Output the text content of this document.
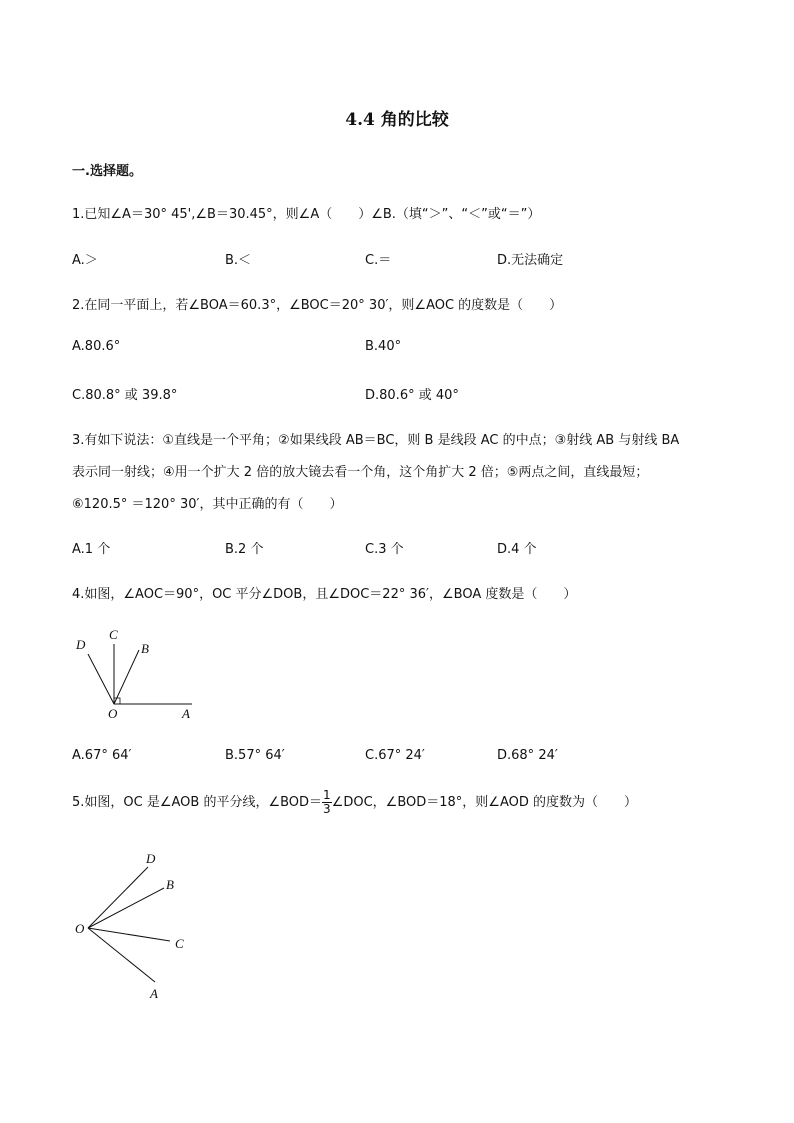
4.4 角的比较
一.选择题。
1.已知∠A＝30° 45',∠B＝30.45°，则∠A（　　）∠B.（填“＞”、“＜”或“＝”）
A.＞	B.＜	C.＝	D.无法确定
2.在同一平面上，若∠BOA＝60.3°，∠BOC＝20° 30′，则∠AOC 的度数是（　　）
A.80.6°	B.40°
C.80.8° 或 39.8°	D.80.6° 或 40°
3.有如下说法：①直线是一个平角；②如果线段 AB＝BC，则 B 是线段 AC 的中点；③射线 AB 与射线 BA
表示同一射线；④用一个扩大 2 倍的放大镜去看一个角，这个角扩大 2 倍；⑤两点之间，直线最短；
⑥120.5° ＝120° 30′，其中正确的有（　　）
A.1 个	B.2 个	C.3 个	D.4 个
4.如图，∠AOC＝90°，OC 平分∠DOB，且∠DOC＝22° 36′，∠BOA 度数是（　　）
D
C
B
O	A
A.67° 64′	B.57° 64′	C.67° 24′	D.68° 24′
5.如图，OC 是∠AOB 的平分线，∠BOD＝ $\frac{1}{3}$ ∠DOC，∠BOD＝18°，则∠AOD 的度数为（　　）
D
B
O
C
A
